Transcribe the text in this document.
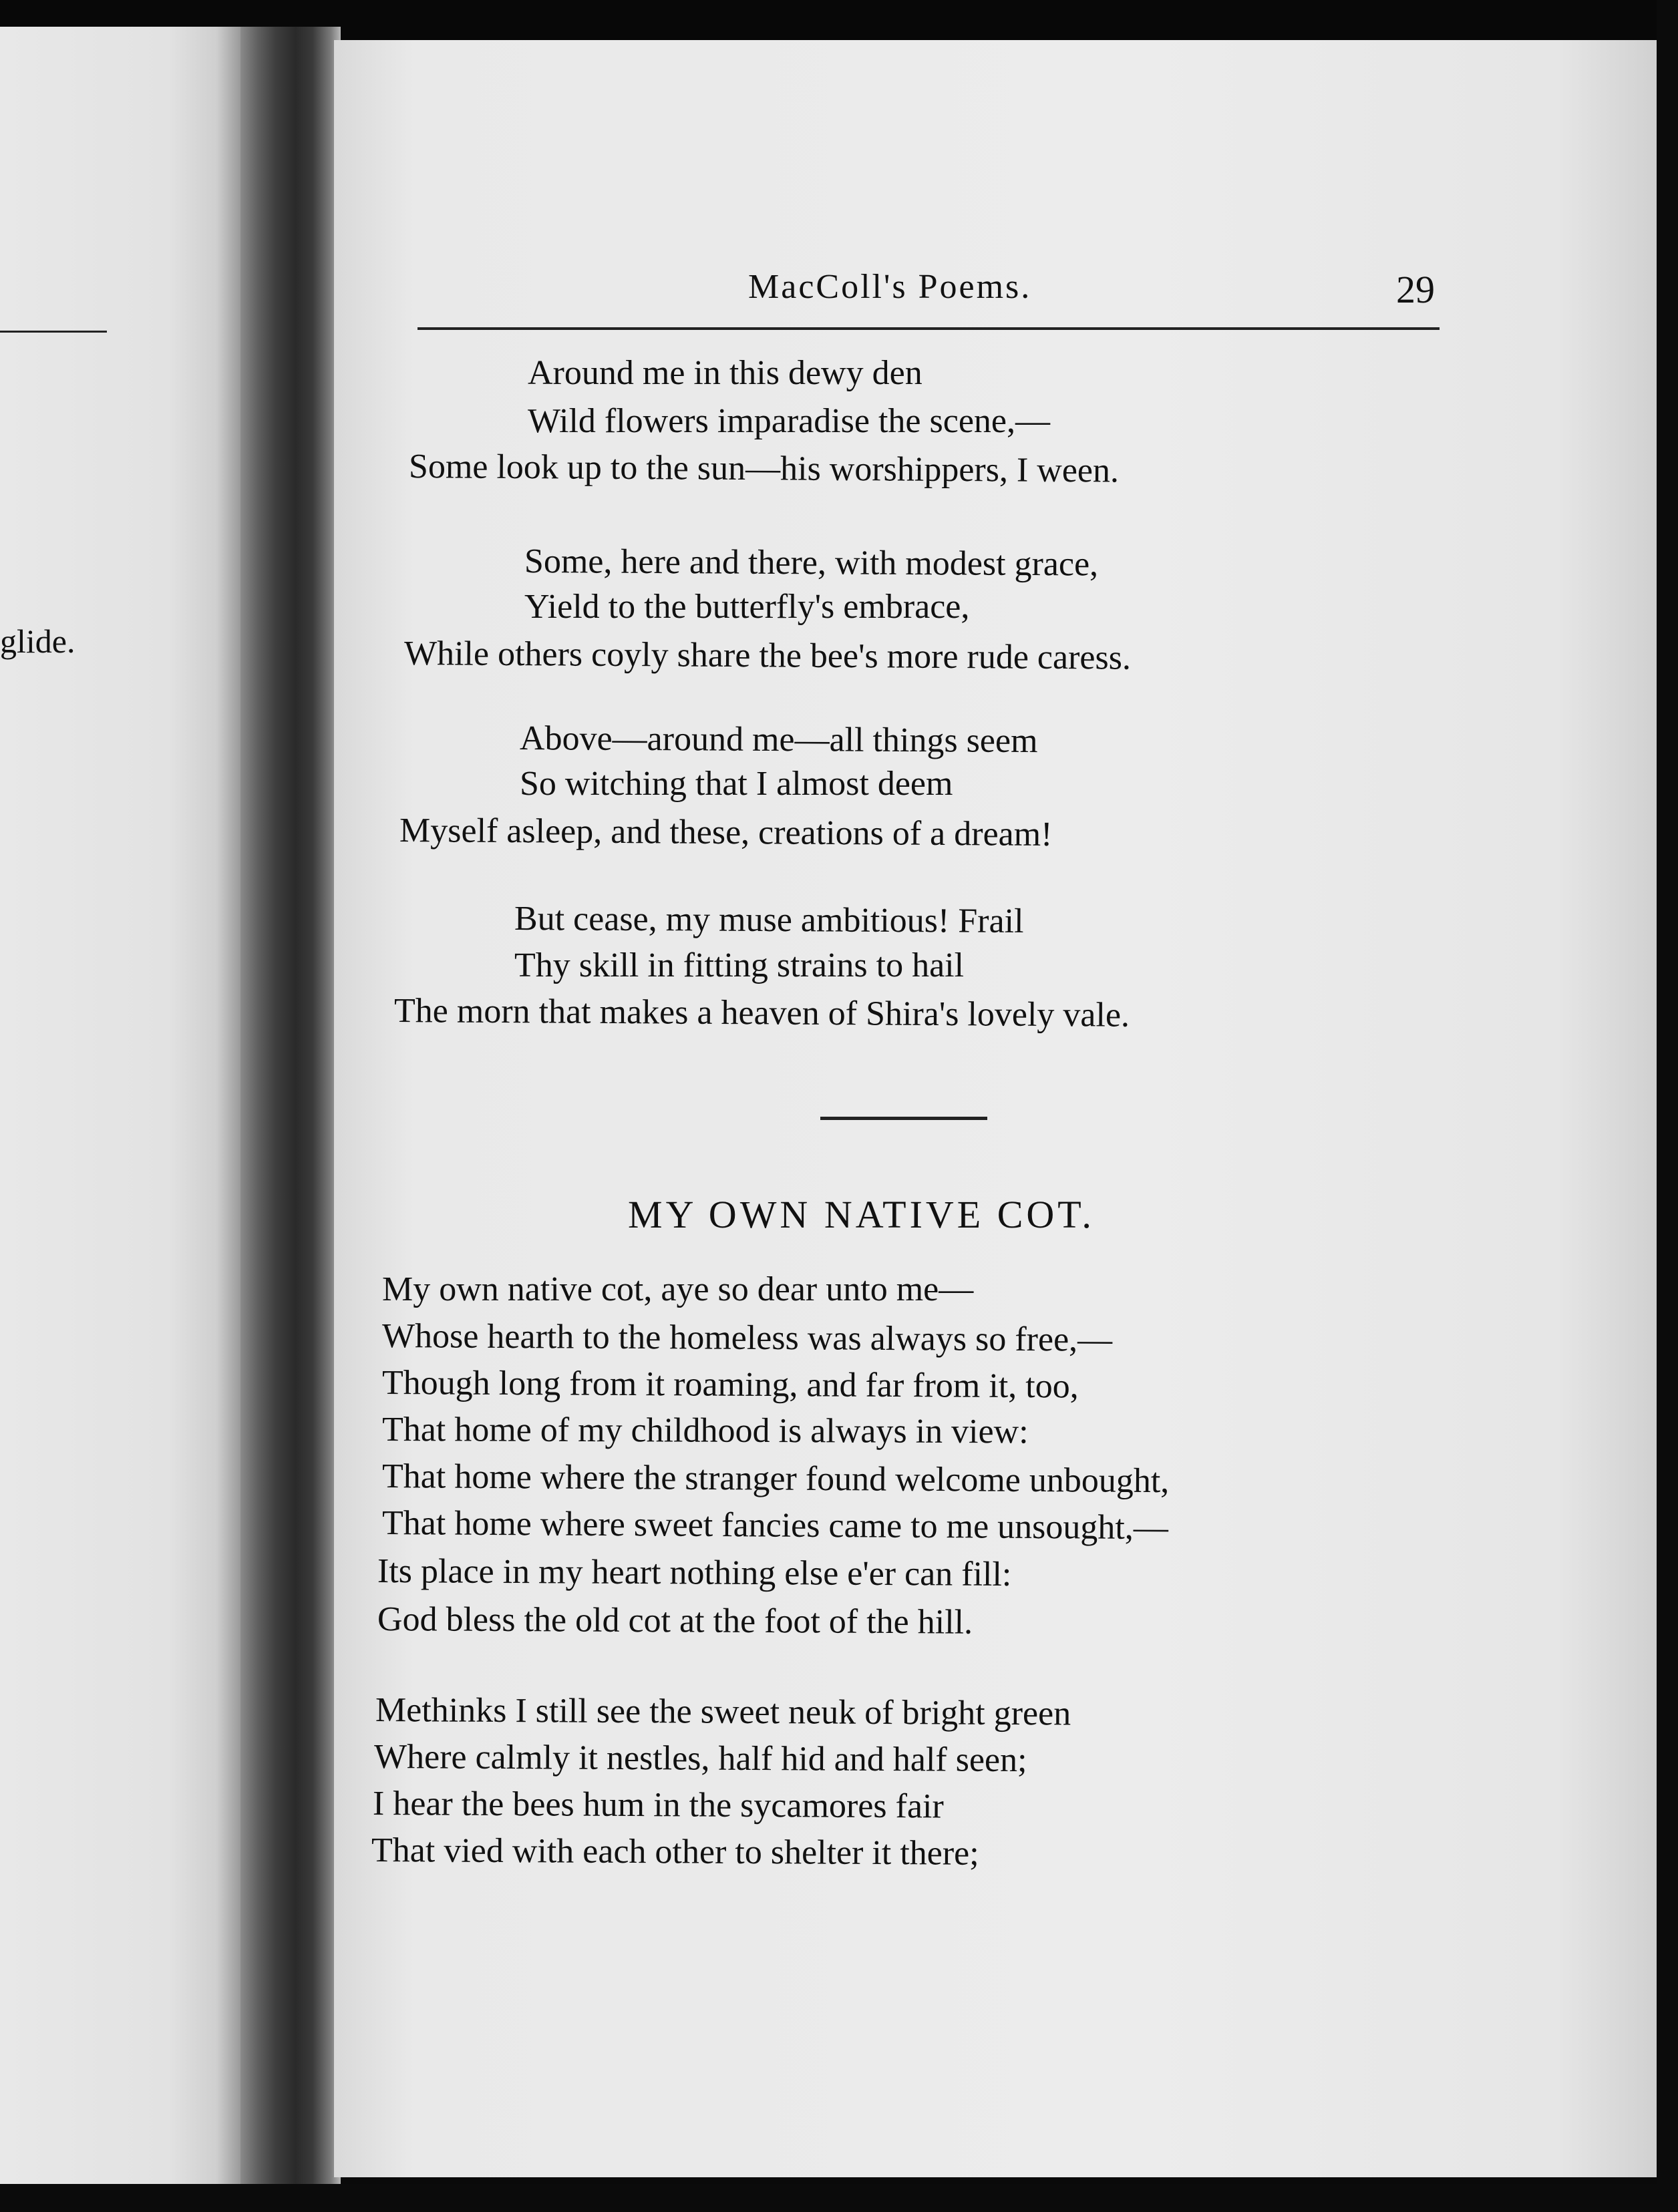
glide.
MacColl's Poems.	29
Around me in this dewy den
Wild flowers imparadise the scene,—
Some look up to the sun—his worshippers, I ween.
Some, here and there, with modest grace,
Yield to the butterfly's embrace,
While others coyly share the bee's more rude caress.
Above—around me—all things seem
So witching that I almost deem
Myself asleep, and these, creations of a dream!
But cease, my muse ambitious! Frail
Thy skill in fitting strains to hail
The morn that makes a heaven of Shira's lovely vale.
MY OWN NATIVE COT.
My own native cot, aye so dear unto me—
Whose hearth to the homeless was always so free,—
Though long from it roaming, and far from it, too,
That home of my childhood is always in view:
That home where the stranger found welcome unbought,
That home where sweet fancies came to me unsought,—
Its place in my heart nothing else e'er can fill:
God bless the old cot at the foot of the hill.
Methinks I still see the sweet neuk of bright green
Where calmly it nestles, half hid and half seen;
I hear the bees hum in the sycamores fair
That vied with each other to shelter it there;
